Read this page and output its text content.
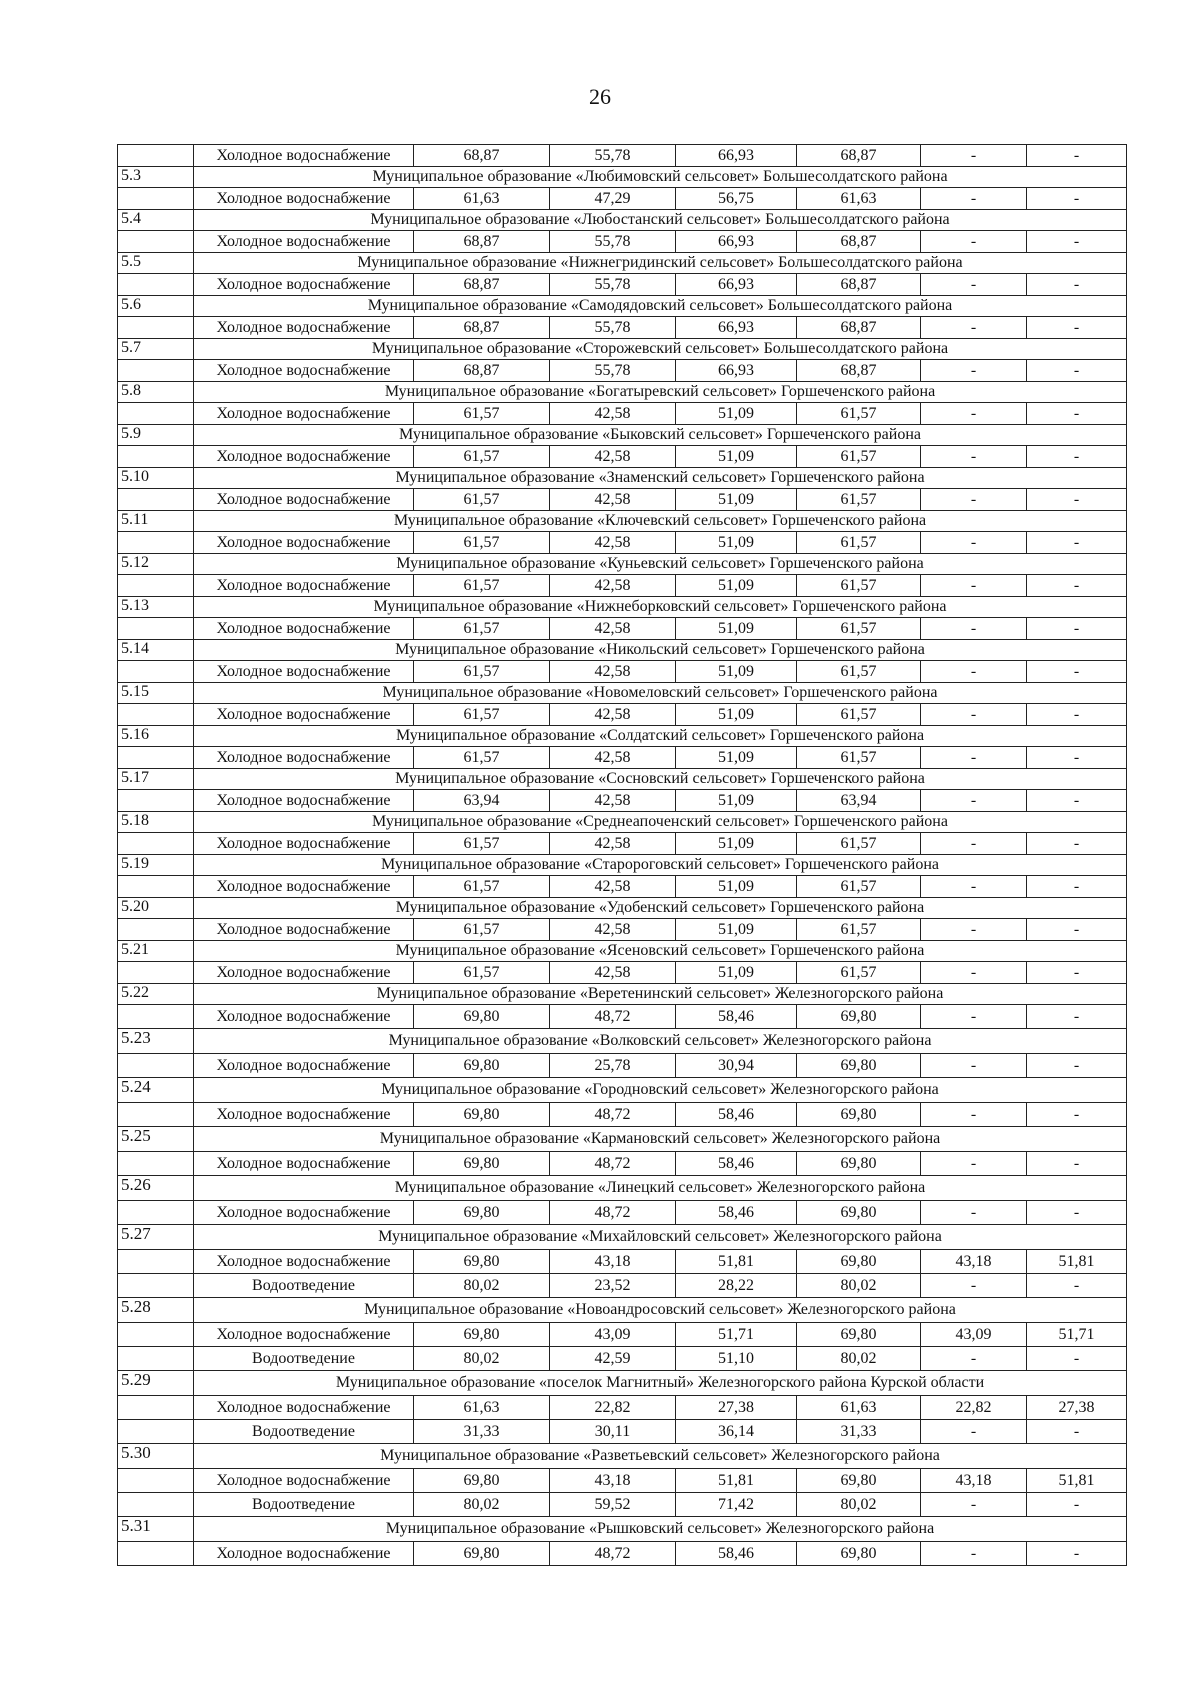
26
	Холодное водоснабжение	68,87	55,78	66,93	68,87	-	-
5.3	Муниципальное образование «Любимовский сельсовет» Большесолдатского района						
	Холодное водоснабжение	61,63	47,29	56,75	61,63	-	-
5.4	Муниципальное образование «Любостанский сельсовет» Большесолдатского района						
	Холодное водоснабжение	68,87	55,78	66,93	68,87	-	-
5.5	Муниципальное образование «Нижнегридинский сельсовет» Большесолдатского района						
	Холодное водоснабжение	68,87	55,78	66,93	68,87	-	-
5.6	Муниципальное образование «Самодядовский сельсовет» Большесолдатского района						
	Холодное водоснабжение	68,87	55,78	66,93	68,87	-	-
5.7	Муниципальное образование «Сторожевский сельсовет» Большесолдатского района						
	Холодное водоснабжение	68,87	55,78	66,93	68,87	-	-
5.8	Муниципальное образование «Богатыревский сельсовет» Горшеченского района						
	Холодное водоснабжение	61,57	42,58	51,09	61,57	-	-
5.9	Муниципальное образование «Быковский сельсовет» Горшеченского района						
	Холодное водоснабжение	61,57	42,58	51,09	61,57	-	-
5.10	Муниципальное образование «Знаменский сельсовет» Горшеченского района						
	Холодное водоснабжение	61,57	42,58	51,09	61,57	-	-
5.11	Муниципальное образование «Ключевский сельсовет» Горшеченского района						
	Холодное водоснабжение	61,57	42,58	51,09	61,57	-	-
5.12	Муниципальное образование «Куньевский сельсовет» Горшеченского района						
	Холодное водоснабжение	61,57	42,58	51,09	61,57	-	-
5.13	Муниципальное образование «Нижнеборковский сельсовет» Горшеченского района						
	Холодное водоснабжение	61,57	42,58	51,09	61,57	-	-
5.14	Муниципальное образование «Никольский сельсовет» Горшеченского района						
	Холодное водоснабжение	61,57	42,58	51,09	61,57	-	-
5.15	Муниципальное образование «Новомеловский сельсовет» Горшеченского района						
	Холодное водоснабжение	61,57	42,58	51,09	61,57	-	-
5.16	Муниципальное образование «Солдатский сельсовет» Горшеченского района						
	Холодное водоснабжение	61,57	42,58	51,09	61,57	-	-
5.17	Муниципальное образование «Сосновский сельсовет» Горшеченского района						
	Холодное водоснабжение	63,94	42,58	51,09	63,94	-	-
5.18	Муниципальное образование «Среднеапоченский сельсовет» Горшеченского района						
	Холодное водоснабжение	61,57	42,58	51,09	61,57	-	-
5.19	Муниципальное образование «Старороговский сельсовет» Горшеченского района						
	Холодное водоснабжение	61,57	42,58	51,09	61,57	-	-
5.20	Муниципальное образование «Удобенский сельсовет» Горшеченского района						
	Холодное водоснабжение	61,57	42,58	51,09	61,57	-	-
5.21	Муниципальное образование «Ясеновский сельсовет» Горшеченского района						
	Холодное водоснабжение	61,57	42,58	51,09	61,57	-	-
5.22	Муниципальное образование «Веретенинский сельсовет» Железногорского района						
	Холодное водоснабжение	69,80	48,72	58,46	69,80	-	-
5.23	Муниципальное образование «Волковский сельсовет» Железногорского района						
	Холодное водоснабжение	69,80	25,78	30,94	69,80	-	-
5.24	Муниципальное образование «Городновский сельсовет» Железногорского района						
	Холодное водоснабжение	69,80	48,72	58,46	69,80	-	-
5.25	Муниципальное образование «Кармановский сельсовет» Железногорского района						
	Холодное водоснабжение	69,80	48,72	58,46	69,80	-	-
5.26	Муниципальное образование «Линецкий сельсовет» Железногорского района						
	Холодное водоснабжение	69,80	48,72	58,46	69,80	-	-
5.27	Муниципальное образование «Михайловский сельсовет» Железногорского района						
	Холодное водоснабжение	69,80	43,18	51,81	69,80	43,18	51,81
	Водоотведение	80,02	23,52	28,22	80,02	-	-
5.28	Муниципальное образование «Новоандросовский сельсовет» Железногорского района						
	Холодное водоснабжение	69,80	43,09	51,71	69,80	43,09	51,71
	Водоотведение	80,02	42,59	51,10	80,02	-	-
5.29	Муниципальное образование «поселок Магнитный» Железногорского района Курской области						
	Холодное водоснабжение	61,63	22,82	27,38	61,63	22,82	27,38
	Водоотведение	31,33	30,11	36,14	31,33	-	-
5.30	Муниципальное образование «Разветьевский сельсовет» Железногорского района						
	Холодное водоснабжение	69,80	43,18	51,81	69,80	43,18	51,81
	Водоотведение	80,02	59,52	71,42	80,02	-	-
5.31	Муниципальное образование «Рышковский сельсовет» Железногорского района						
	Холодное водоснабжение	69,80	48,72	58,46	69,80	-	-
